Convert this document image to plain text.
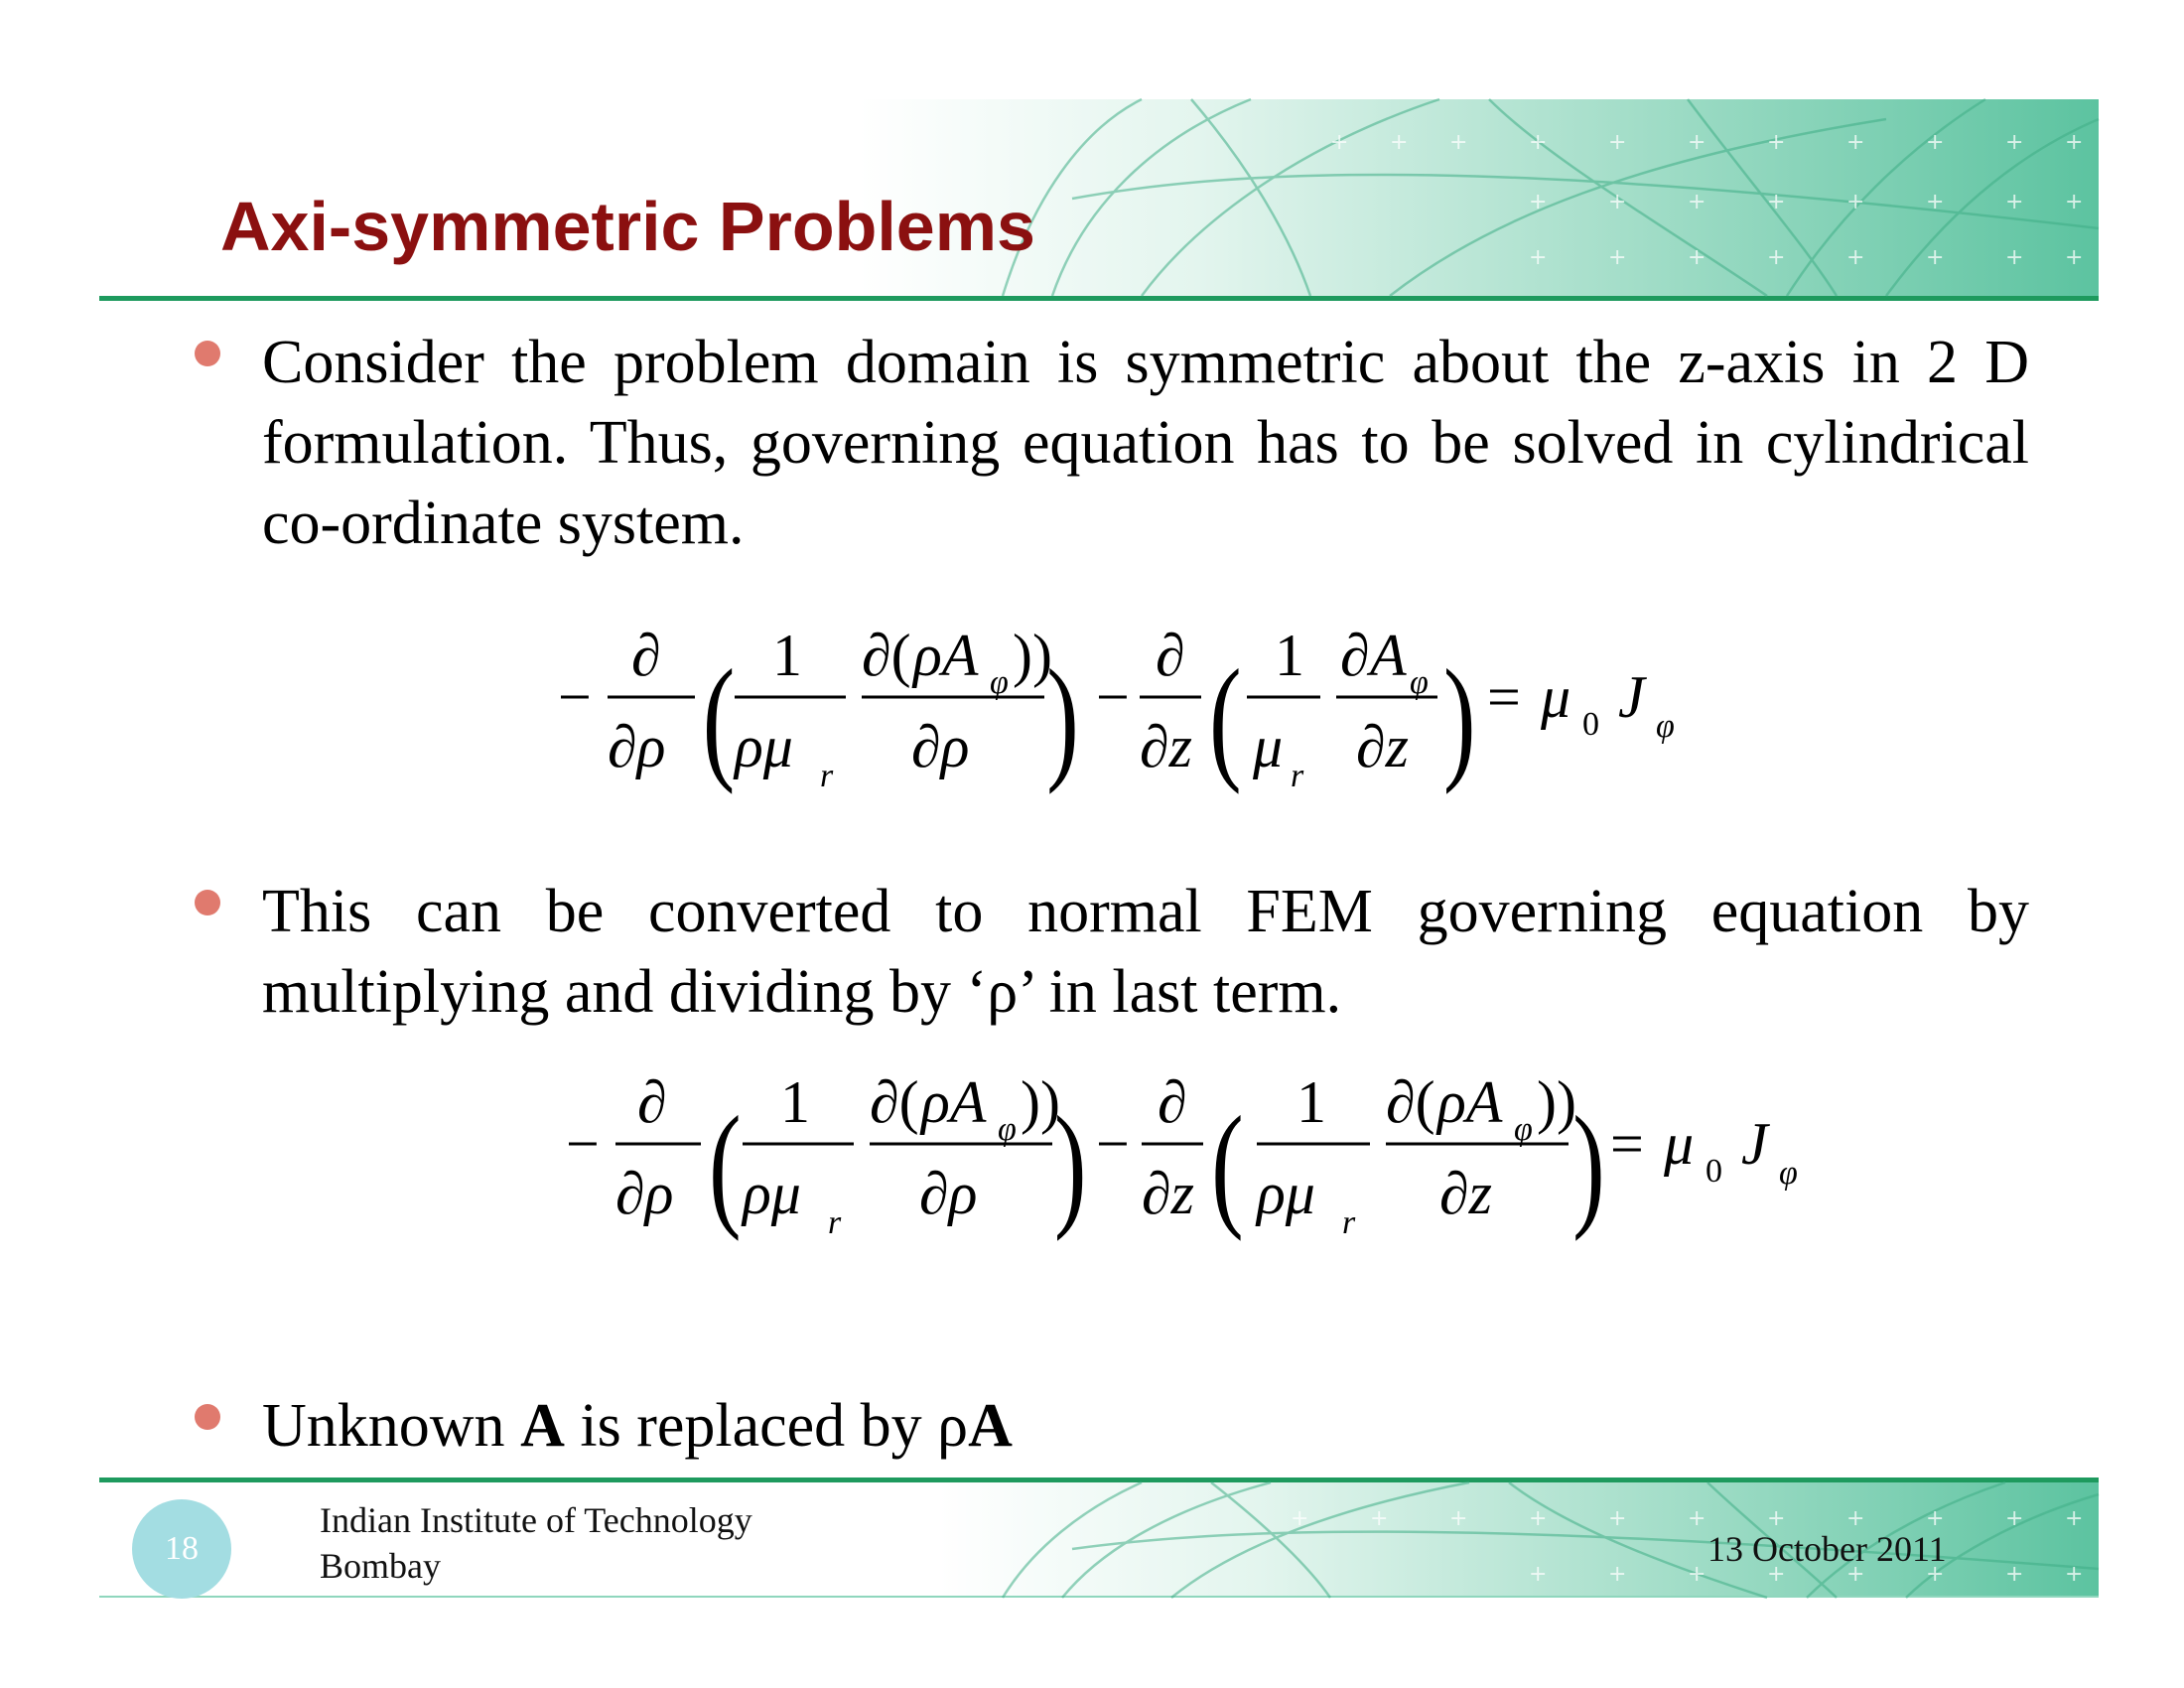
+ + +	+	+	+	+	+	+	+ +
+	+	+	+	+	+	+ +
+	+	+	+	+	+	+ +
+	+	+	+	+	+	+	+	+	+ +
+	+	+	+	+	+	+ +
Axi-symmetric Problems

Consider the problem domain is symmetric about the z-axis in 2 D formulation. Thus, governing equation has to be solved in cylindrical co-ordinate system.

−
∂
∂ρ ( 1
ρμ r
∂( ρA φ ))
∂ρ ) −
∂
∂z ( 1
μ r
∂ A φ
∂z ) = μ 0 J φ

This can be converted to normal FEM governing equation by multiplying and dividing by ‘ρ’ in last term.

−
∂
∂ρ ( 1
ρμ r
∂( ρA φ ))
∂ρ ) −
∂
∂z ( 1
ρμ r
∂( ρA φ ))
∂z ) = μ 0 J φ

Unknown A is replaced by ρA

18
Indian Institute of Technology
Bombay	13 October 2011
